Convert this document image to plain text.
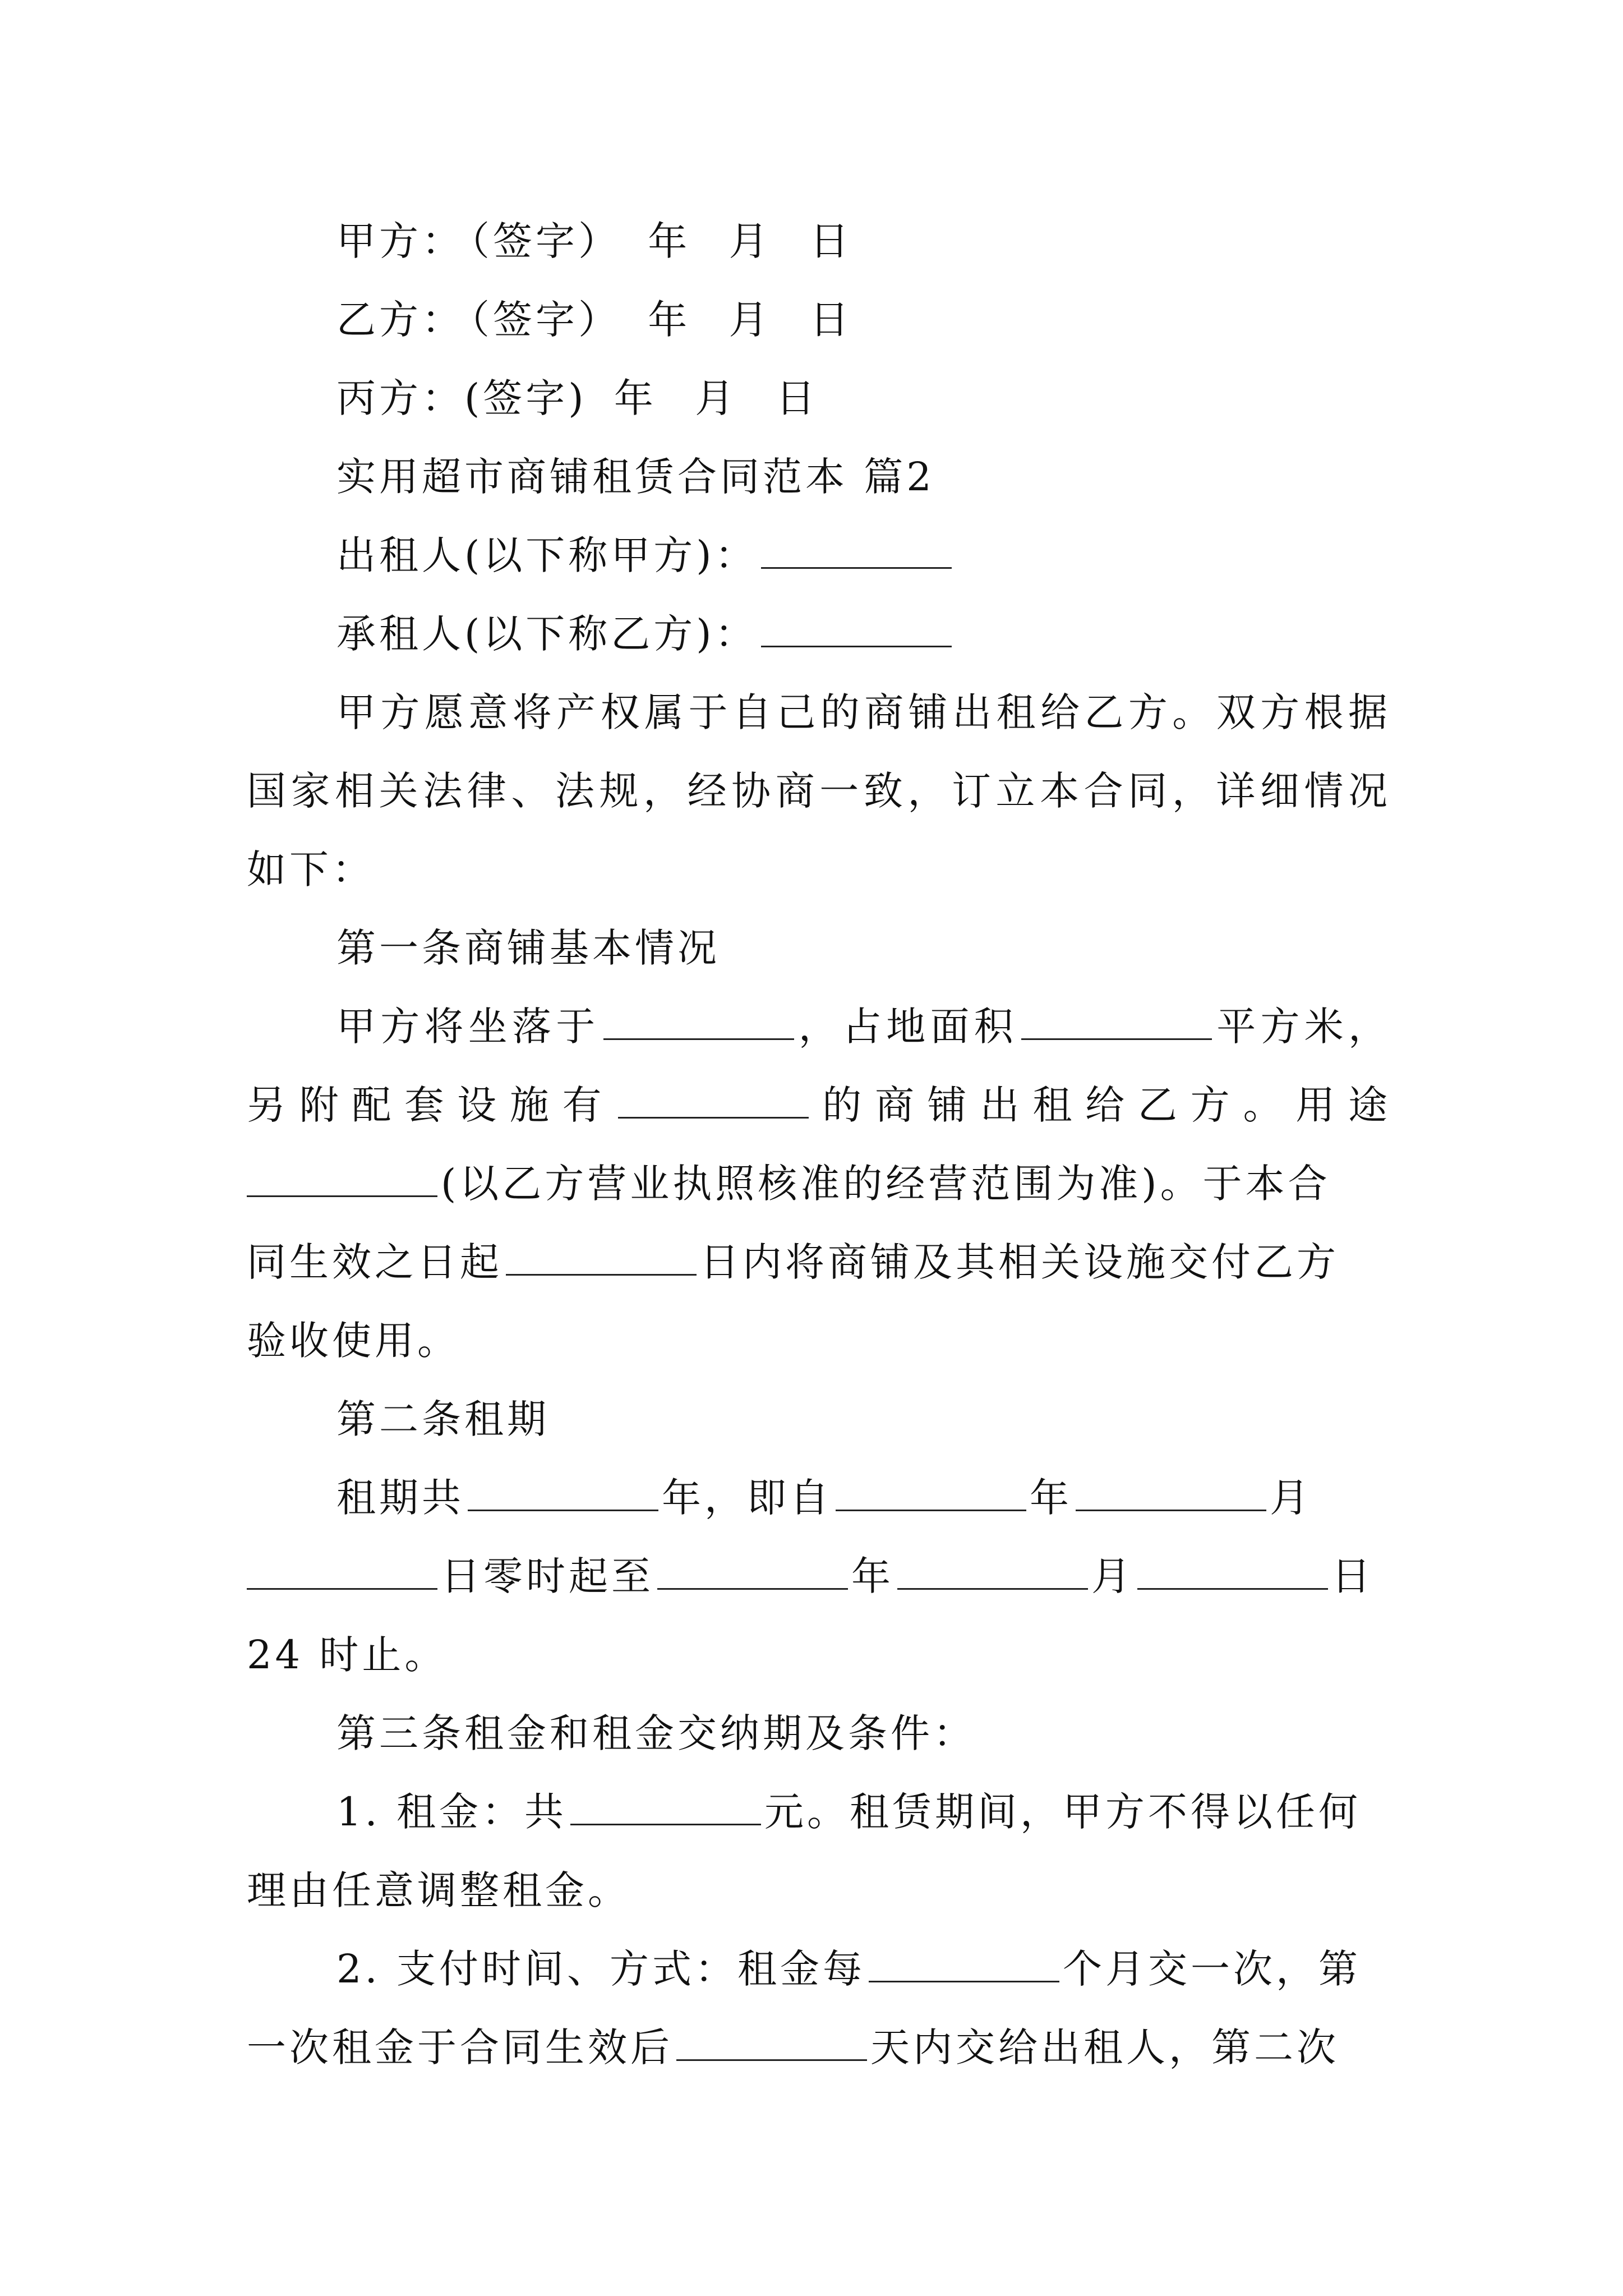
甲方： （签字） 年 月 日
乙方： （签字） 年 月 日
丙方：(签字) 年 月 日
实用超市商铺租赁合同范本 篇2
出租人(以下称甲方)：
承租人(以下称乙方)：
甲方愿意将产权属于自己的商铺出租给乙方。双方根据
国家相关法律、法规，经协商一致，订立本合同，详细情况
如下：
第一条商铺基本情况
甲方将坐落于	，占地面积	平方米，
另附配套设施有	的商铺出租给乙方。用途
(以乙方营业执照核准的经营范围为准)。于本合
同生效之日起	日内将商铺及其相关设施交付乙方
验收使用。
第二条租期
租期共	年，即自	年	月
日零时起至	年	月	日
24 时止。
第三条租金和租金交纳期及条件：
1. 租金：共	元。租赁期间，甲方不得以任何
理由任意调整租金。
2. 支付时间、方式：租金每	个月交一次，第
一次租金于合同生效后	天内交给出租人，第二次
